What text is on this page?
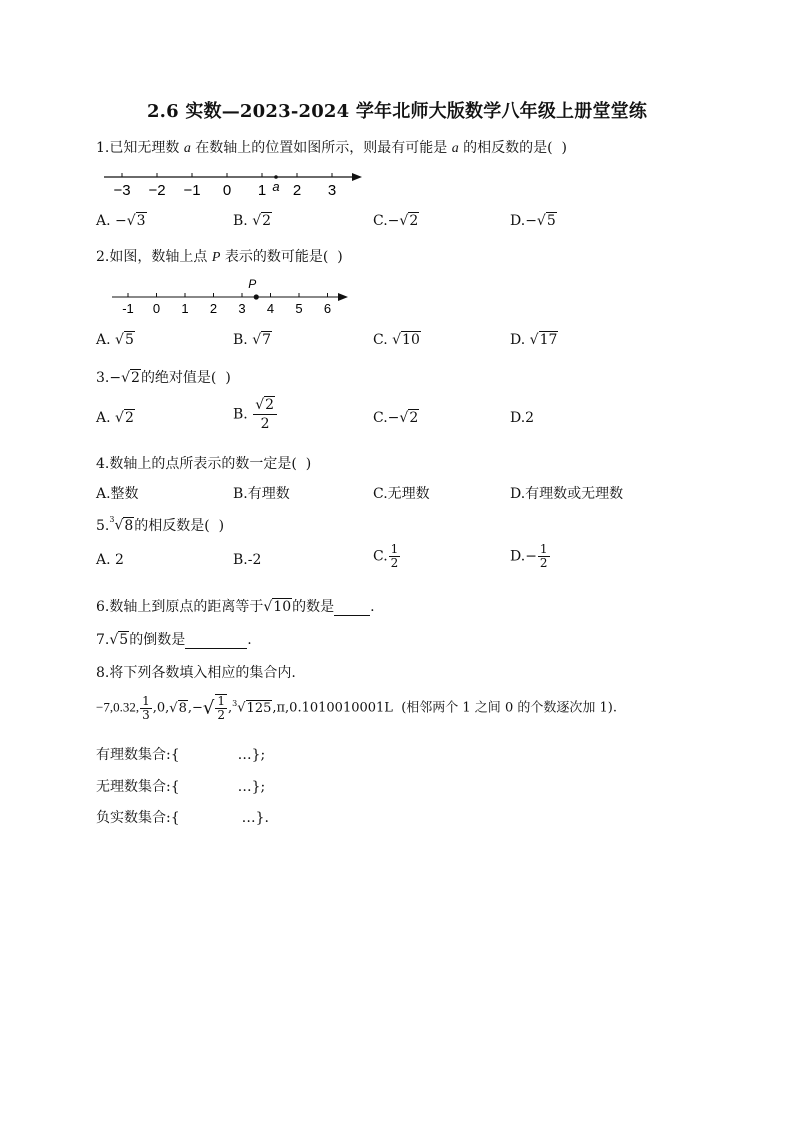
2.6 实数—2023-2024 学年北师大版数学八年级上册堂堂练
1.已知无理数 a 在数轴上的位置如图所示，则最有可能是 a 的相反数的是( )
−3 −2 −1 0 1 2 3
a
A. −√3	B. √2	C.−√2	D.−√5
2.如图，数轴上点 P 表示的数可能是( )
-1 0 1 2 3 4 5 6
P
A. √5	B. √7	C. √10	D. √17
3.−√2的绝对值是( )
A. √2	B. $\frac{√2}{2}$	C.−√2	D.2
4.数轴上的点所表示的数一定是( )
A.整数	B.有理数	C.无理数	D.有理数或无理数
5.$^3$√8的相反数是( )
A. 2	B.-2	C. $\frac{1}{2}$	$D.- \frac{1}{2}$
6.数轴上到原点的距离等于√10的数是	.
7.√5的倒数是	.
8.将下列各数填入相应的集合内.
−7,0.32, $\frac{1}{3} ,0,√8,-√ \frac{1}{2} ,^3√125,\pi,0.1010010001L$ (相邻两个 1 之间 0 的个数逐次加 1).
有理数集合:{	…};
无理数集合:{	…};
负实数集合:{	…}.
